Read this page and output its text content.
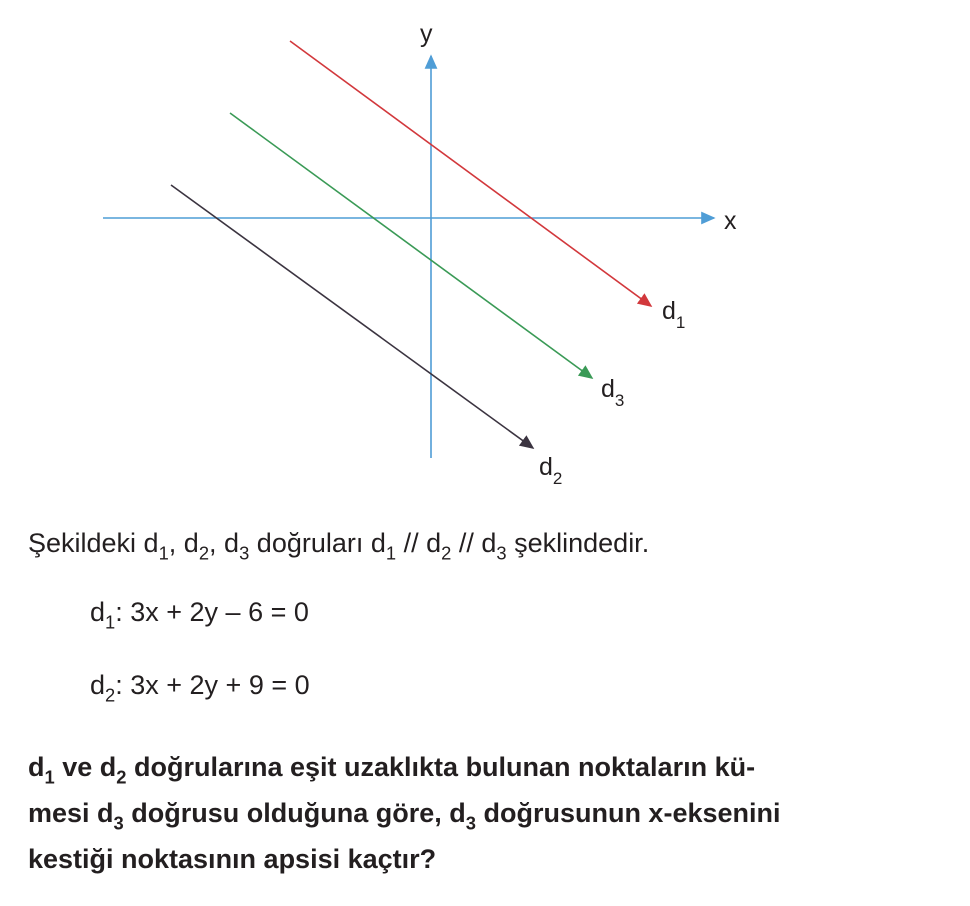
x
y
$d_1$
$d_3$
$d_2$

Şekildeki $d_1$, $d_2$, $d_3$ doğruları $d_1 // d_2 // d_3$ şeklindedir.

$d_1$: 3x + 2y – 6 = 0

$d_2$: 3x + 2y + 9 = 0

$d_1$ ve $d_2$ doğrularına eşit uzaklıkta bulunan noktaların kü-
mesi $d_3$ doğrusu olduğuna göre, $d_3$ doğrusunun x-eksenini
kestiği noktasının apsisi kaçtır?
